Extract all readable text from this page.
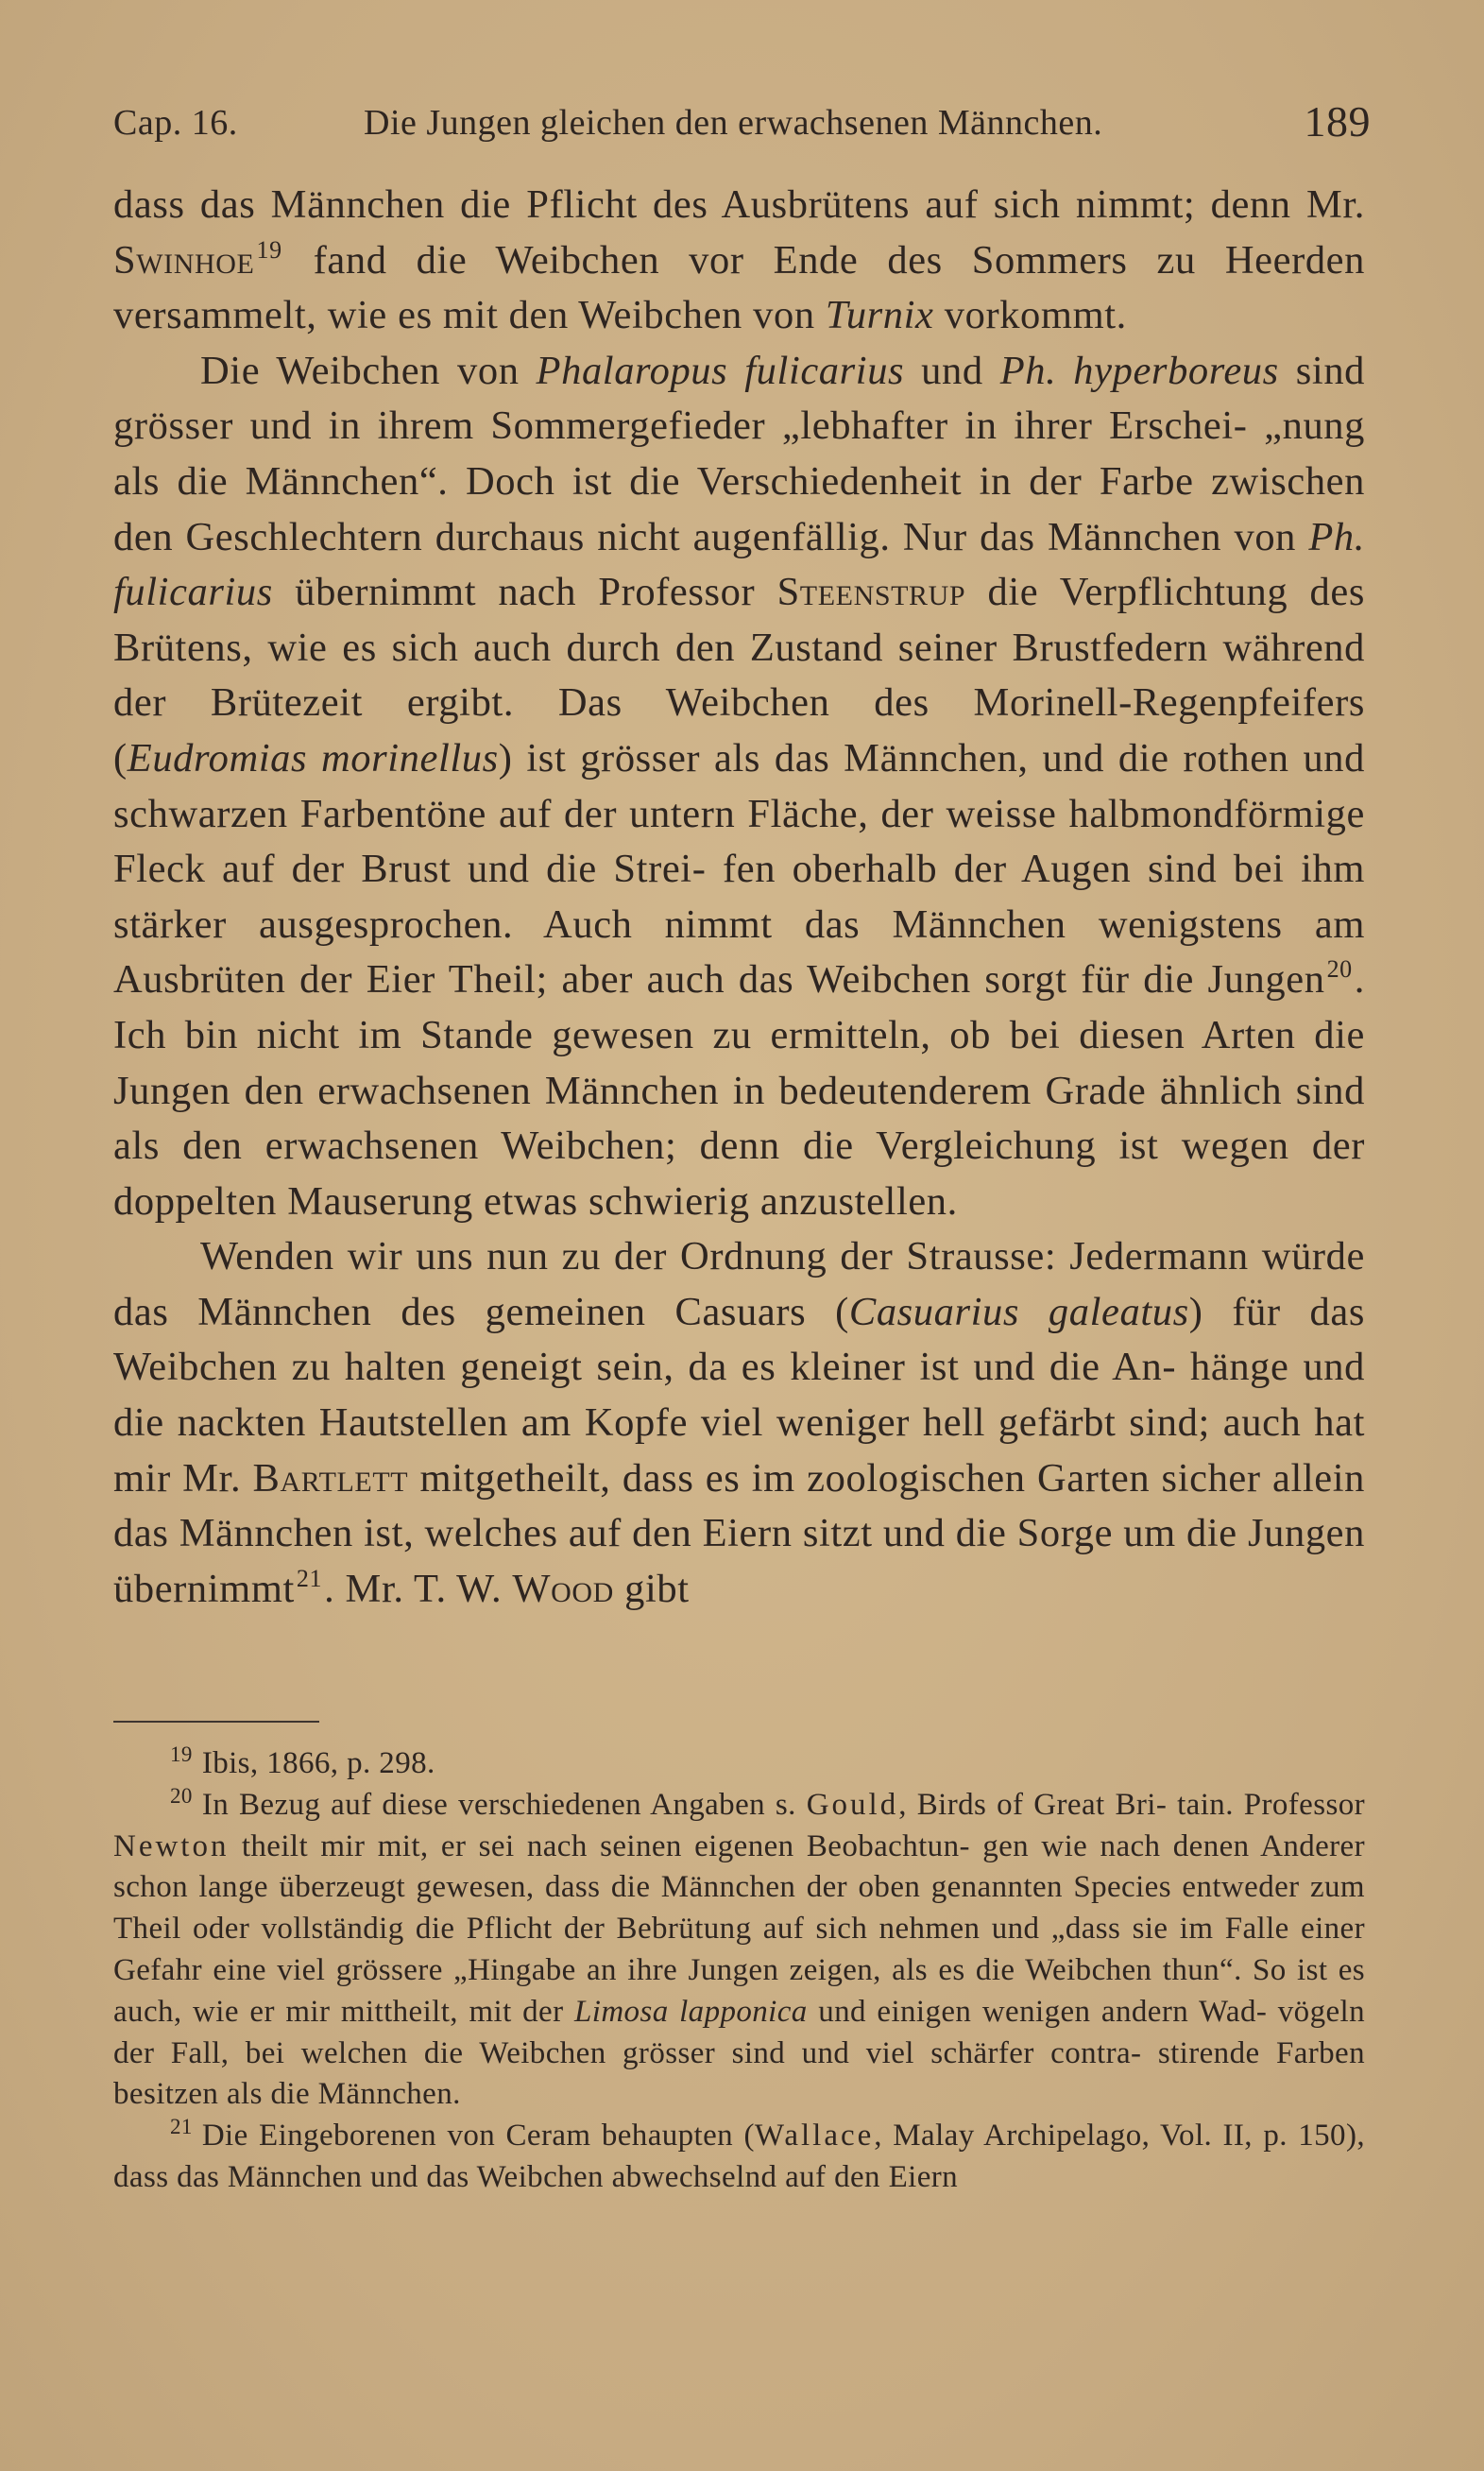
Cap. 16.	Die Jungen gleichen den erwachsenen Männchen.	189

dass das Männchen die Pflicht des Ausbrütens auf sich nimmt; denn Mr. Swinhoe$^{19}$ fand die Weibchen vor Ende des Sommers zu Heerden versammelt, wie es mit den Weibchen von Turnix vorkommt.

Die Weibchen von Phalaropus fulicarius und Ph. hyperboreus sind grösser und in ihrem Sommergefieder „lebhafter in ihrer Erschei- „nung als die Männchen“. Doch ist die Verschiedenheit in der Farbe zwischen den Geschlechtern durchaus nicht augenfällig. Nur das Männchen von Ph. fulicarius übernimmt nach Professor Steenstrup die Verpflichtung des Brütens, wie es sich auch durch den Zustand seiner Brustfedern während der Brütezeit ergibt. Das Weibchen des Morinell-Regenpfeifers (Eudromias morinellus) ist grösser als das Männchen, und die rothen und schwarzen Farbentöne auf der untern Fläche, der weisse halbmondförmige Fleck auf der Brust und die Strei- fen oberhalb der Augen sind bei ihm stärker ausgesprochen. Auch nimmt das Männchen wenigstens am Ausbrüten der Eier Theil; aber auch das Weibchen sorgt für die Jungen$^{20}$. Ich bin nicht im Stande gewesen zu ermitteln, ob bei diesen Arten die Jungen den erwachsenen Männchen in bedeutenderem Grade ähnlich sind als den erwachsenen Weibchen; denn die Vergleichung ist wegen der doppelten Mauserung etwas schwierig anzustellen.

Wenden wir uns nun zu der Ordnung der Strausse: Jedermann würde das Männchen des gemeinen Casuars (Casuarius galeatus) für das Weibchen zu halten geneigt sein, da es kleiner ist und die An- hänge und die nackten Hautstellen am Kopfe viel weniger hell gefärbt sind; auch hat mir Mr. Bartlett mitgetheilt, dass es im zoologischen Garten sicher allein das Männchen ist, welches auf den Eiern sitzt und die Sorge um die Jungen übernimmt$^{21}$. Mr. T. W. Wood gibt

$^{19}$ Ibis, 1866, p. 298.

$^{20}$ In Bezug auf diese verschiedenen Angaben s. Gould, Birds of Great Bri- tain. Professor Newton theilt mir mit, er sei nach seinen eigenen Beobachtun- gen wie nach denen Anderer schon lange überzeugt gewesen, dass die Männchen der oben genannten Species entweder zum Theil oder vollständig die Pflicht der Bebrütung auf sich nehmen und „dass sie im Falle einer Gefahr eine viel grössere „Hingabe an ihre Jungen zeigen, als es die Weibchen thun“. So ist es auch, wie er mir mittheilt, mit der Limosa lapponica und einigen wenigen andern Wad- vögeln der Fall, bei welchen die Weibchen grösser sind und viel schärfer contra- stirende Farben besitzen als die Männchen.

$^{21}$ Die Eingeborenen von Ceram behaupten (Wallace, Malay Archipelago, Vol. II, p. 150), dass das Männchen und das Weibchen abwechselnd auf den Eiern
